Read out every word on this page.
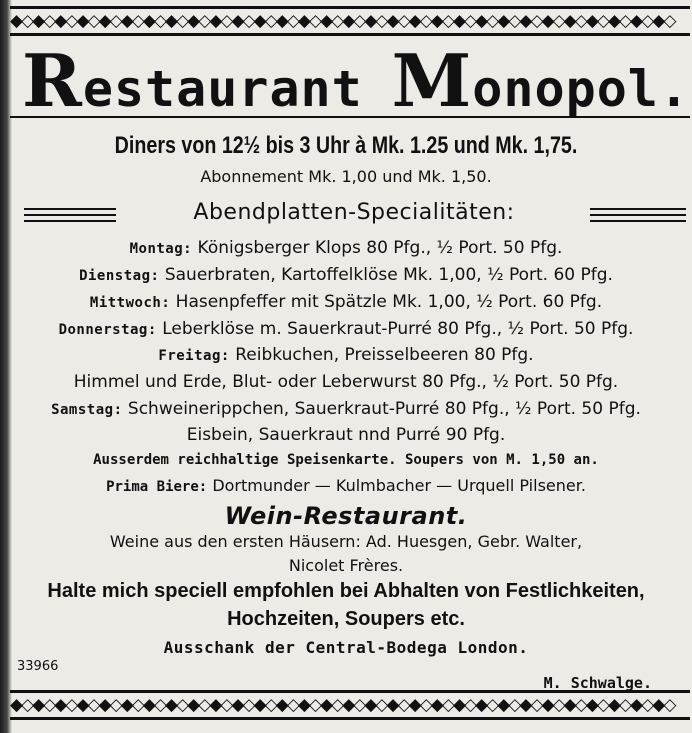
◆◇◆◇◆◇◆◇◆◇◆◇◆◇◆◇◆◇◆◇◆◇◆◇◆◇◆◇◆◇◆◇◆◇◆◇◆◇◆◇◆◇◆◇◆◇◆◇◆◇◆◇◆◇◆◇◆◇◆◇
Restaurant Monopol.
Diners von 12½ bis 3 Uhr à Mk. 1.25 und Mk. 1,75.
Abonnement Mk. 1,00 und Mk. 1,50.
Abendplatten-Specialitäten:
Montag: Königsberger Klops 80 Pfg., ½ Port. 50 Pfg.
Dienstag: Sauerbraten, Kartoffelklöse Mk. 1,00, ½ Port. 60 Pfg.
Mittwoch: Hasenpfeffer mit Spätzle Mk. 1,00, ½ Port. 60 Pfg.
Donnerstag: Leberklöse m. Sauerkraut-Purré 80 Pfg., ½ Port. 50 Pfg.
Freitag: Reibkuchen, Preisselbeeren 80 Pfg.
Himmel und Erde, Blut- oder Leberwurst 80 Pfg., ½ Port. 50 Pfg.
Samstag: Schweinerippchen, Sauerkraut-Purré 80 Pfg., ½ Port. 50 Pfg.
Eisbein, Sauerkraut nnd Purré 90 Pfg.
Ausserdem reichhaltige Speisenkarte. Soupers von M. 1,50 an.
Prima Biere: Dortmunder — Kulmbacher — Urquell Pilsener.
Wein-Restaurant.
Weine aus den ersten Häusern: Ad. Huesgen, Gebr. Walter,
Nicolet Frères.
Halte mich speciell empfohlen bei Abhalten von Festlichkeiten,
Hochzeiten, Soupers etc.
Ausschank der Central-Bodega London.
33966
M. Schwalge.
◆◇◆◇◆◇◆◇◆◇◆◇◆◇◆◇◆◇◆◇◆◇◆◇◆◇◆◇◆◇◆◇◆◇◆◇◆◇◆◇◆◇◆◇◆◇◆◇◆◇◆◇◆◇◆◇◆◇◆◇
